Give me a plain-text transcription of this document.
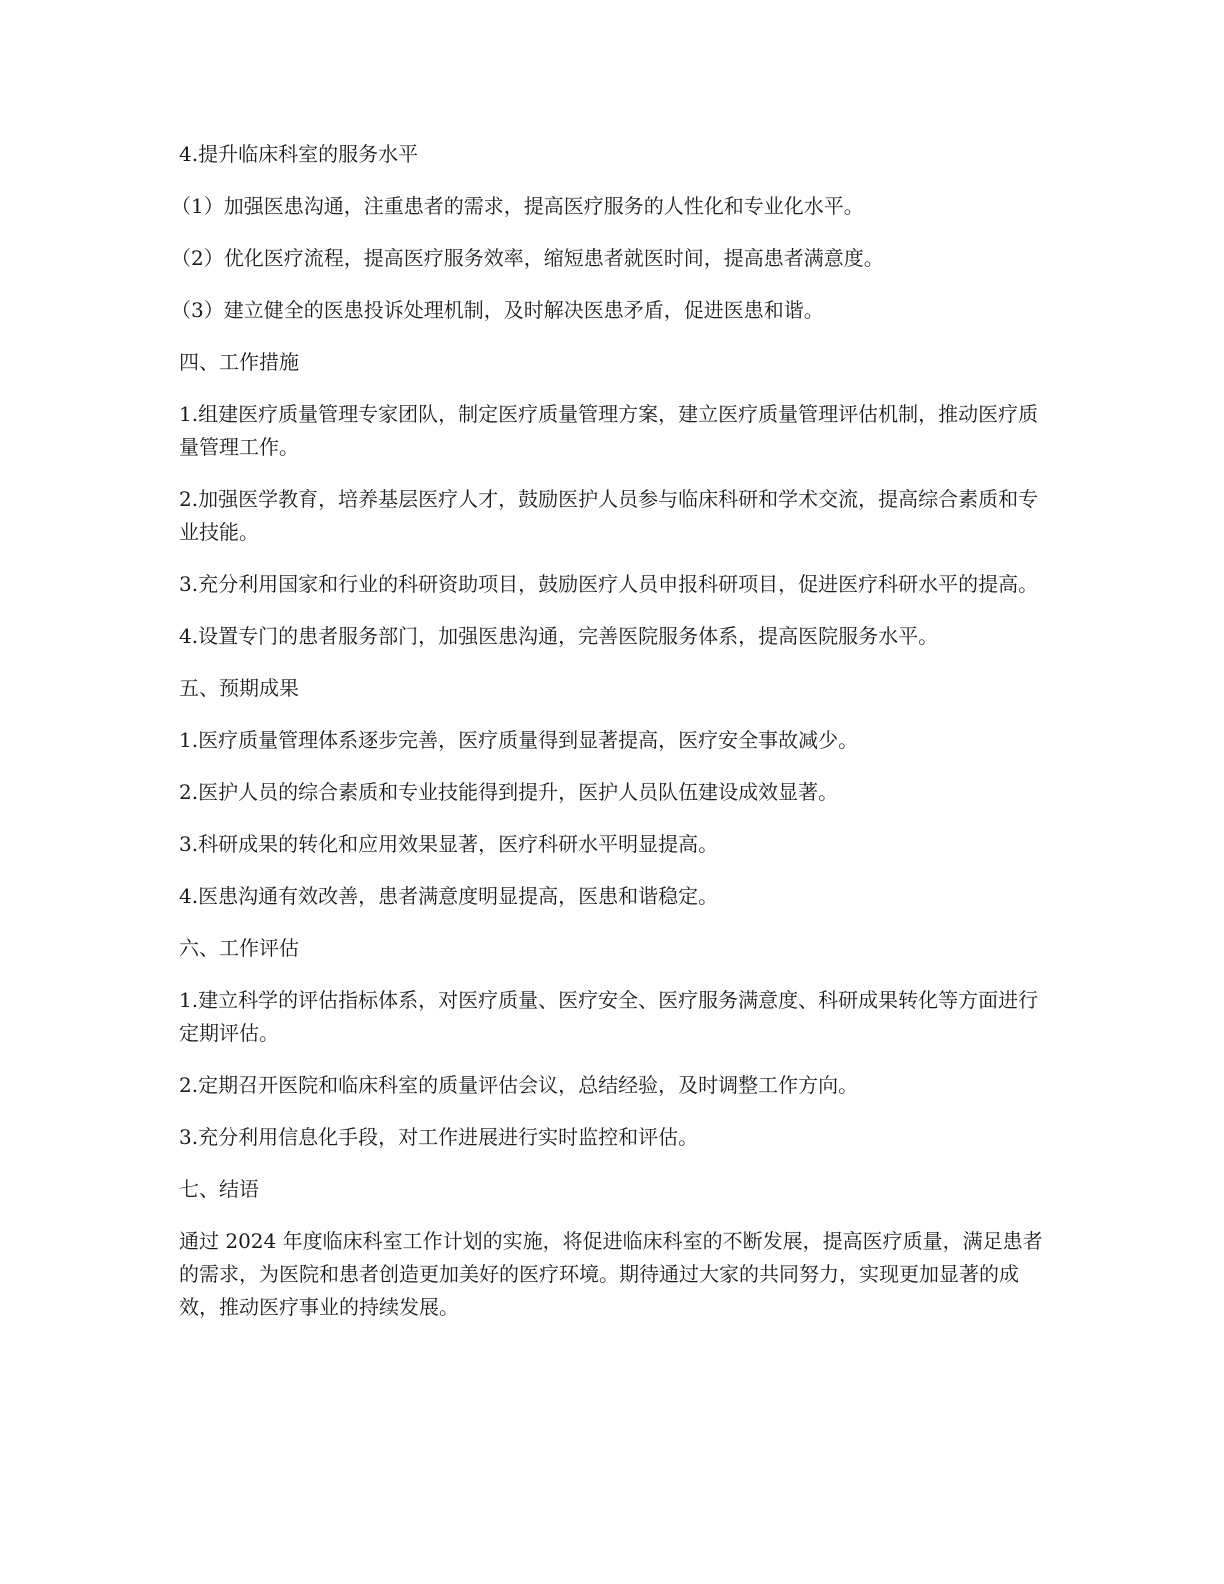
4.提升临床科室的服务水平

（1）加强医患沟通，注重患者的需求，提高医疗服务的人性化和专业化水平。

（2）优化医疗流程，提高医疗服务效率，缩短患者就医时间，提高患者满意度。

（3）建立健全的医患投诉处理机制，及时解决医患矛盾，促进医患和谐。

四、工作措施

1.组建医疗质量管理专家团队，制定医疗质量管理方案，建立医疗质量管理评估机制，推动医疗质量管理工作。

2.加强医学教育，培养基层医疗人才，鼓励医护人员参与临床科研和学术交流，提高综合素质和专业技能。

3.充分利用国家和行业的科研资助项目，鼓励医疗人员申报科研项目，促进医疗科研水平的提高。

4.设置专门的患者服务部门，加强医患沟通，完善医院服务体系，提高医院服务水平。

五、预期成果

1.医疗质量管理体系逐步完善，医疗质量得到显著提高，医疗安全事故减少。

2.医护人员的综合素质和专业技能得到提升，医护人员队伍建设成效显著。

3.科研成果的转化和应用效果显著，医疗科研水平明显提高。

4.医患沟通有效改善，患者满意度明显提高，医患和谐稳定。

六、工作评估

1.建立科学的评估指标体系，对医疗质量、医疗安全、医疗服务满意度、科研成果转化等方面进行定期评估。

2.定期召开医院和临床科室的质量评估会议，总结经验，及时调整工作方向。

3.充分利用信息化手段，对工作进展进行实时监控和评估。

七、结语

通过 2024 年度临床科室工作计划的实施，将促进临床科室的不断发展，提高医疗质量，满足患者的需求，为医院和患者创造更加美好的医疗环境。期待通过大家的共同努力，实现更加显著的成效，推动医疗事业的持续发展。
